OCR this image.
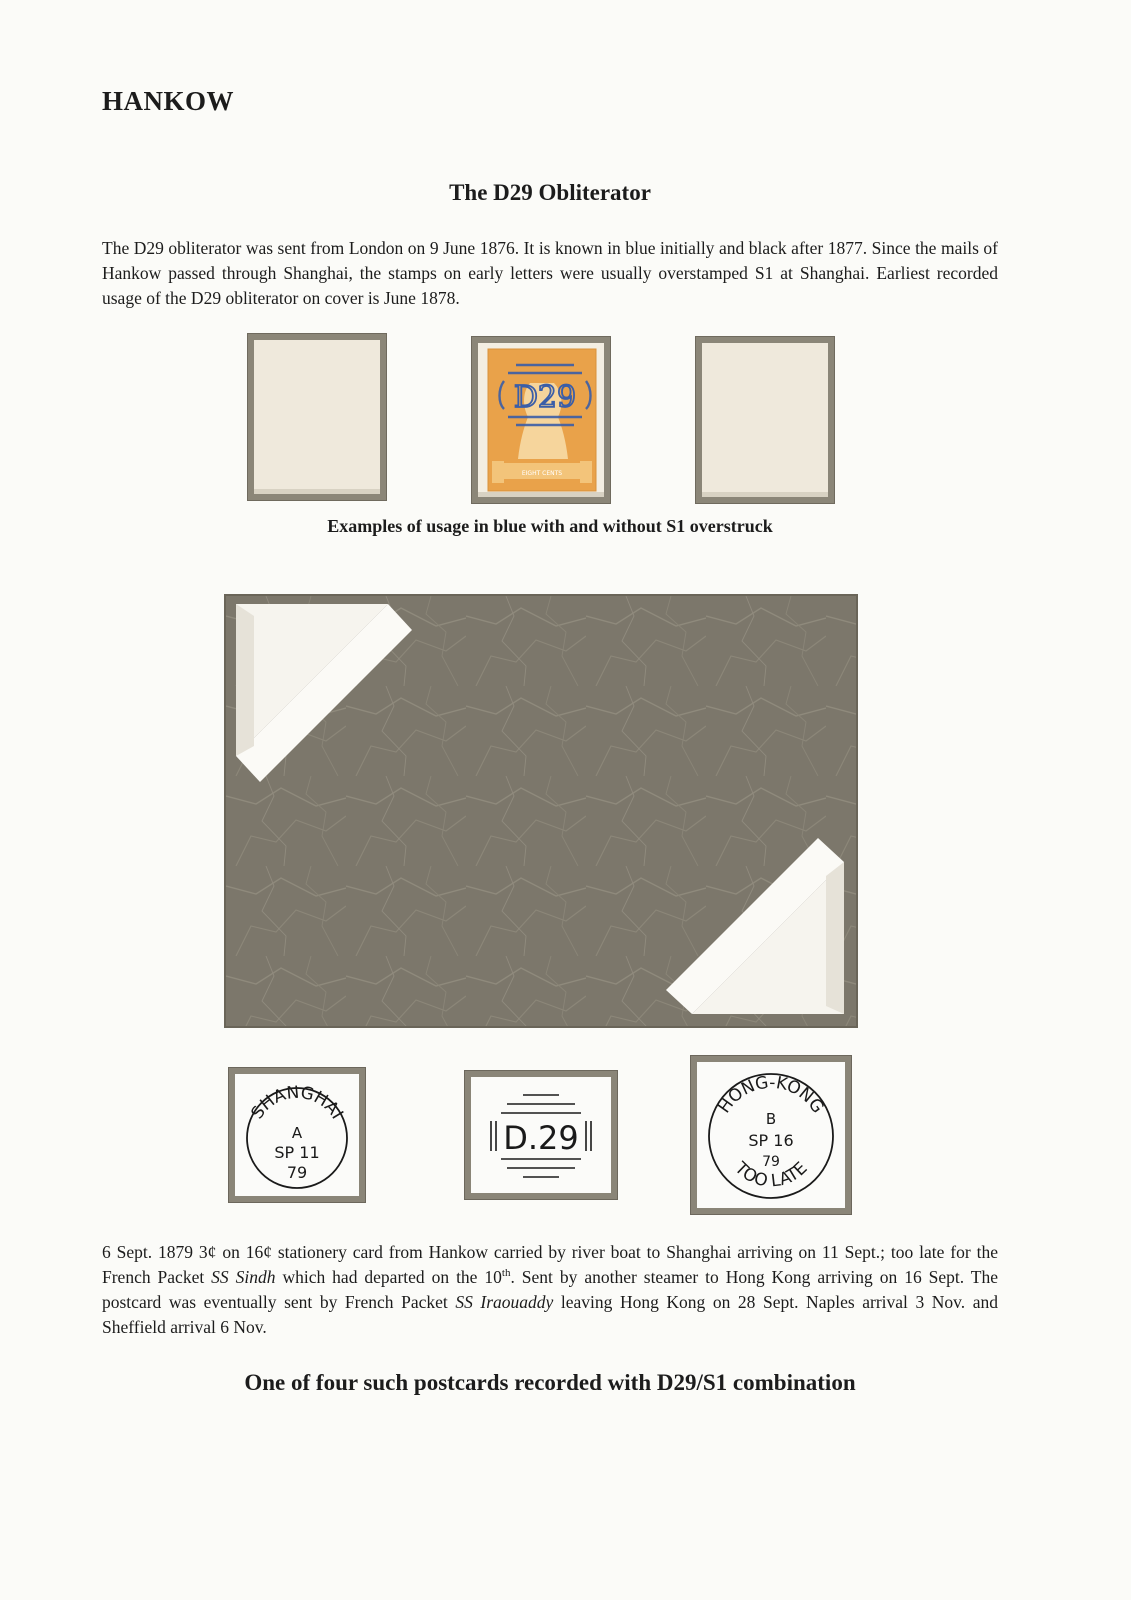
HANKOW
The D29 Obliterator
The D29 obliterator was sent from London on 9 June 1876. It is known in blue initially and black after 1877. Since the mails of Hankow passed through Shanghai, the stamps on early letters were usually overstamped S1 at Shanghai. Earliest recorded usage of the D29 obliterator on cover is June 1878.
EIGHT CENTS
D29
Examples of usage in blue with and without S1 overstruck
SHANGHAI
A
SP 11
79
D.29
HONG-KONG
B
SP 16
79
TOO LATE
6 Sept. 1879 3¢ on 16¢ stationery card from Hankow carried by river boat to Shanghai arriving on 11 Sept.; too late for the French Packet SS Sindh which had departed on the 10th. Sent by another steamer to Hong Kong arriving on 16 Sept. The postcard was eventually sent by French Packet SS Iraouaddy leaving Hong Kong on 28 Sept. Naples arrival 3 Nov. and Sheffield arrival 6 Nov.
One of four such postcards recorded with D29/S1 combination
